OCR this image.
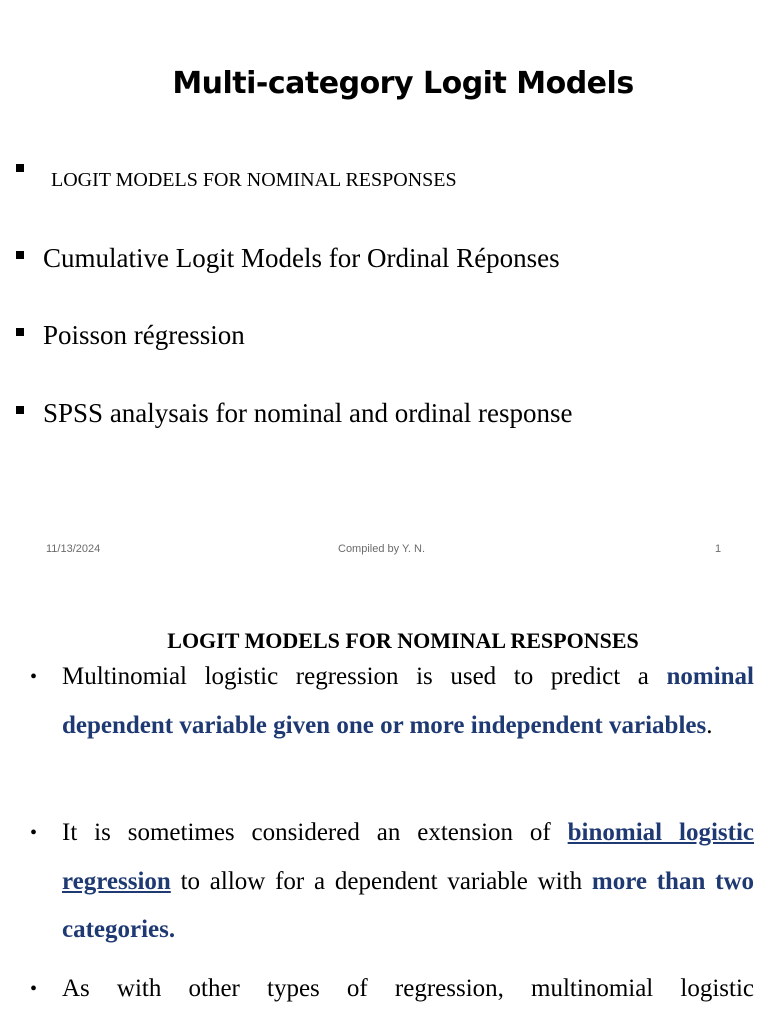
Multi-category Logit Models
LOGIT MODELS FOR NOMINAL RESPONSES
Cumulative Logit Models for Ordinal Réponses
Poisson régression
SPSS analysais for nominal and ordinal response
11/13/2024	Compiled by Y. N.	1
LOGIT MODELS FOR NOMINAL RESPONSES
• Multinomial logistic regression is used to predict a nominal dependent variable given one or more independent variables.
• It is sometimes considered an extension of binomial logistic regression to allow for a dependent variable with more than two categories.
• As with other types of regression, multinomial logistic
